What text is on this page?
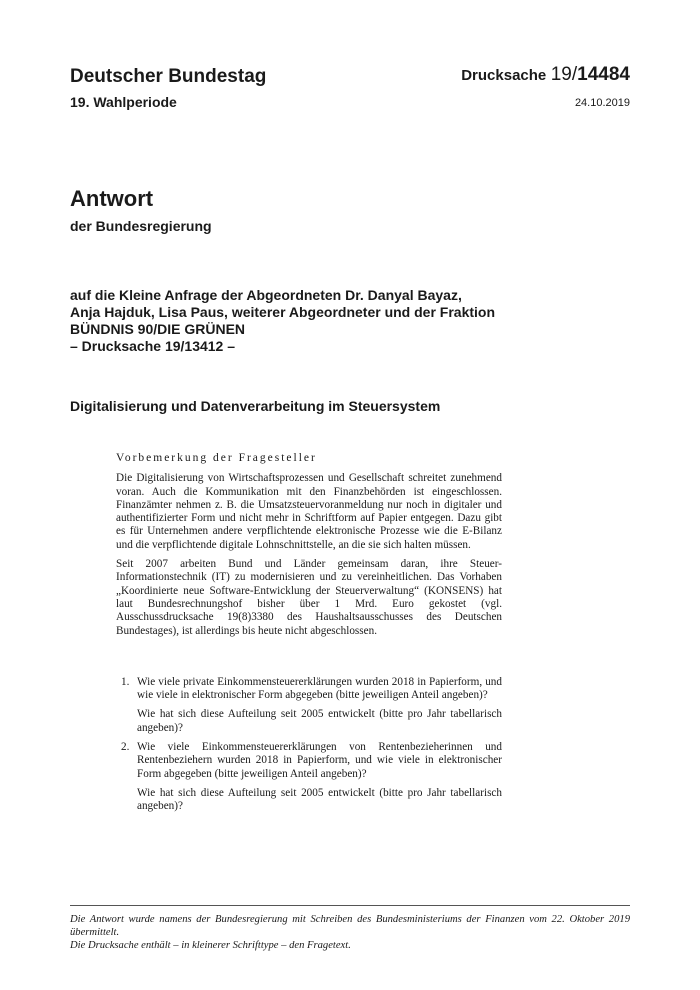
Deutscher Bundestag
19. Wahlperiode
Drucksache 19/14484
24.10.2019
Antwort
der Bundesregierung
auf die Kleine Anfrage der Abgeordneten Dr. Danyal Bayaz,
Anja Hajduk, Lisa Paus, weiterer Abgeordneter und der Fraktion
BÜNDNIS 90/DIE GRÜNEN
– Drucksache 19/13412 –
Digitalisierung und Datenverarbeitung im Steuersystem
Vorbemerkung der Fragesteller

Die Digitalisierung von Wirtschaftsprozessen und Gesellschaft schreitet zunehmend voran. Auch die Kommunikation mit den Finanzbehörden ist eingeschlossen. Finanzämter nehmen z. B. die Umsatzsteuervoranmeldung nur noch in digitaler und authentifizierter Form und nicht mehr in Schriftform auf Papier entgegen. Dazu gibt es für Unternehmen andere verpflichtende elektronische Prozesse wie die E-Bilanz und die verpflichtende digitale Lohnschnittstelle, an die sie sich halten müssen.

Seit 2007 arbeiten Bund und Länder gemeinsam daran, ihre Steuer-Informationstechnik (IT) zu modernisieren und zu vereinheitlichen. Das Vorhaben „Koordinierte neue Software-Entwicklung der Steuerverwaltung“ (KONSENS) hat laut Bundesrechnungshof bisher über 1 Mrd. Euro gekostet (vgl. Ausschussdrucksache 19(8)3380 des Haushaltsausschusses des Deutschen Bundestages), ist allerdings bis heute nicht abgeschlossen.

1. Wie viele private Einkommensteuererklärungen wurden 2018 in Papierform, und wie viele in elektronischer Form abgegeben (bitte jeweiligen Anteil angeben)?

Wie hat sich diese Aufteilung seit 2005 entwickelt (bitte pro Jahr tabellarisch angeben)?

2. Wie viele Einkommensteuererklärungen von Rentenbezieherinnen und Rentenbeziehern wurden 2018 in Papierform, und wie viele in elektronischer Form abgegeben (bitte jeweiligen Anteil angeben)?

Wie hat sich diese Aufteilung seit 2005 entwickelt (bitte pro Jahr tabellarisch angeben)?

Die Antwort wurde namens der Bundesregierung mit Schreiben des Bundesministeriums der Finanzen vom 22. Oktober 2019 übermittelt.

Die Drucksache enthält – in kleinerer Schrifttype – den Fragetext.
